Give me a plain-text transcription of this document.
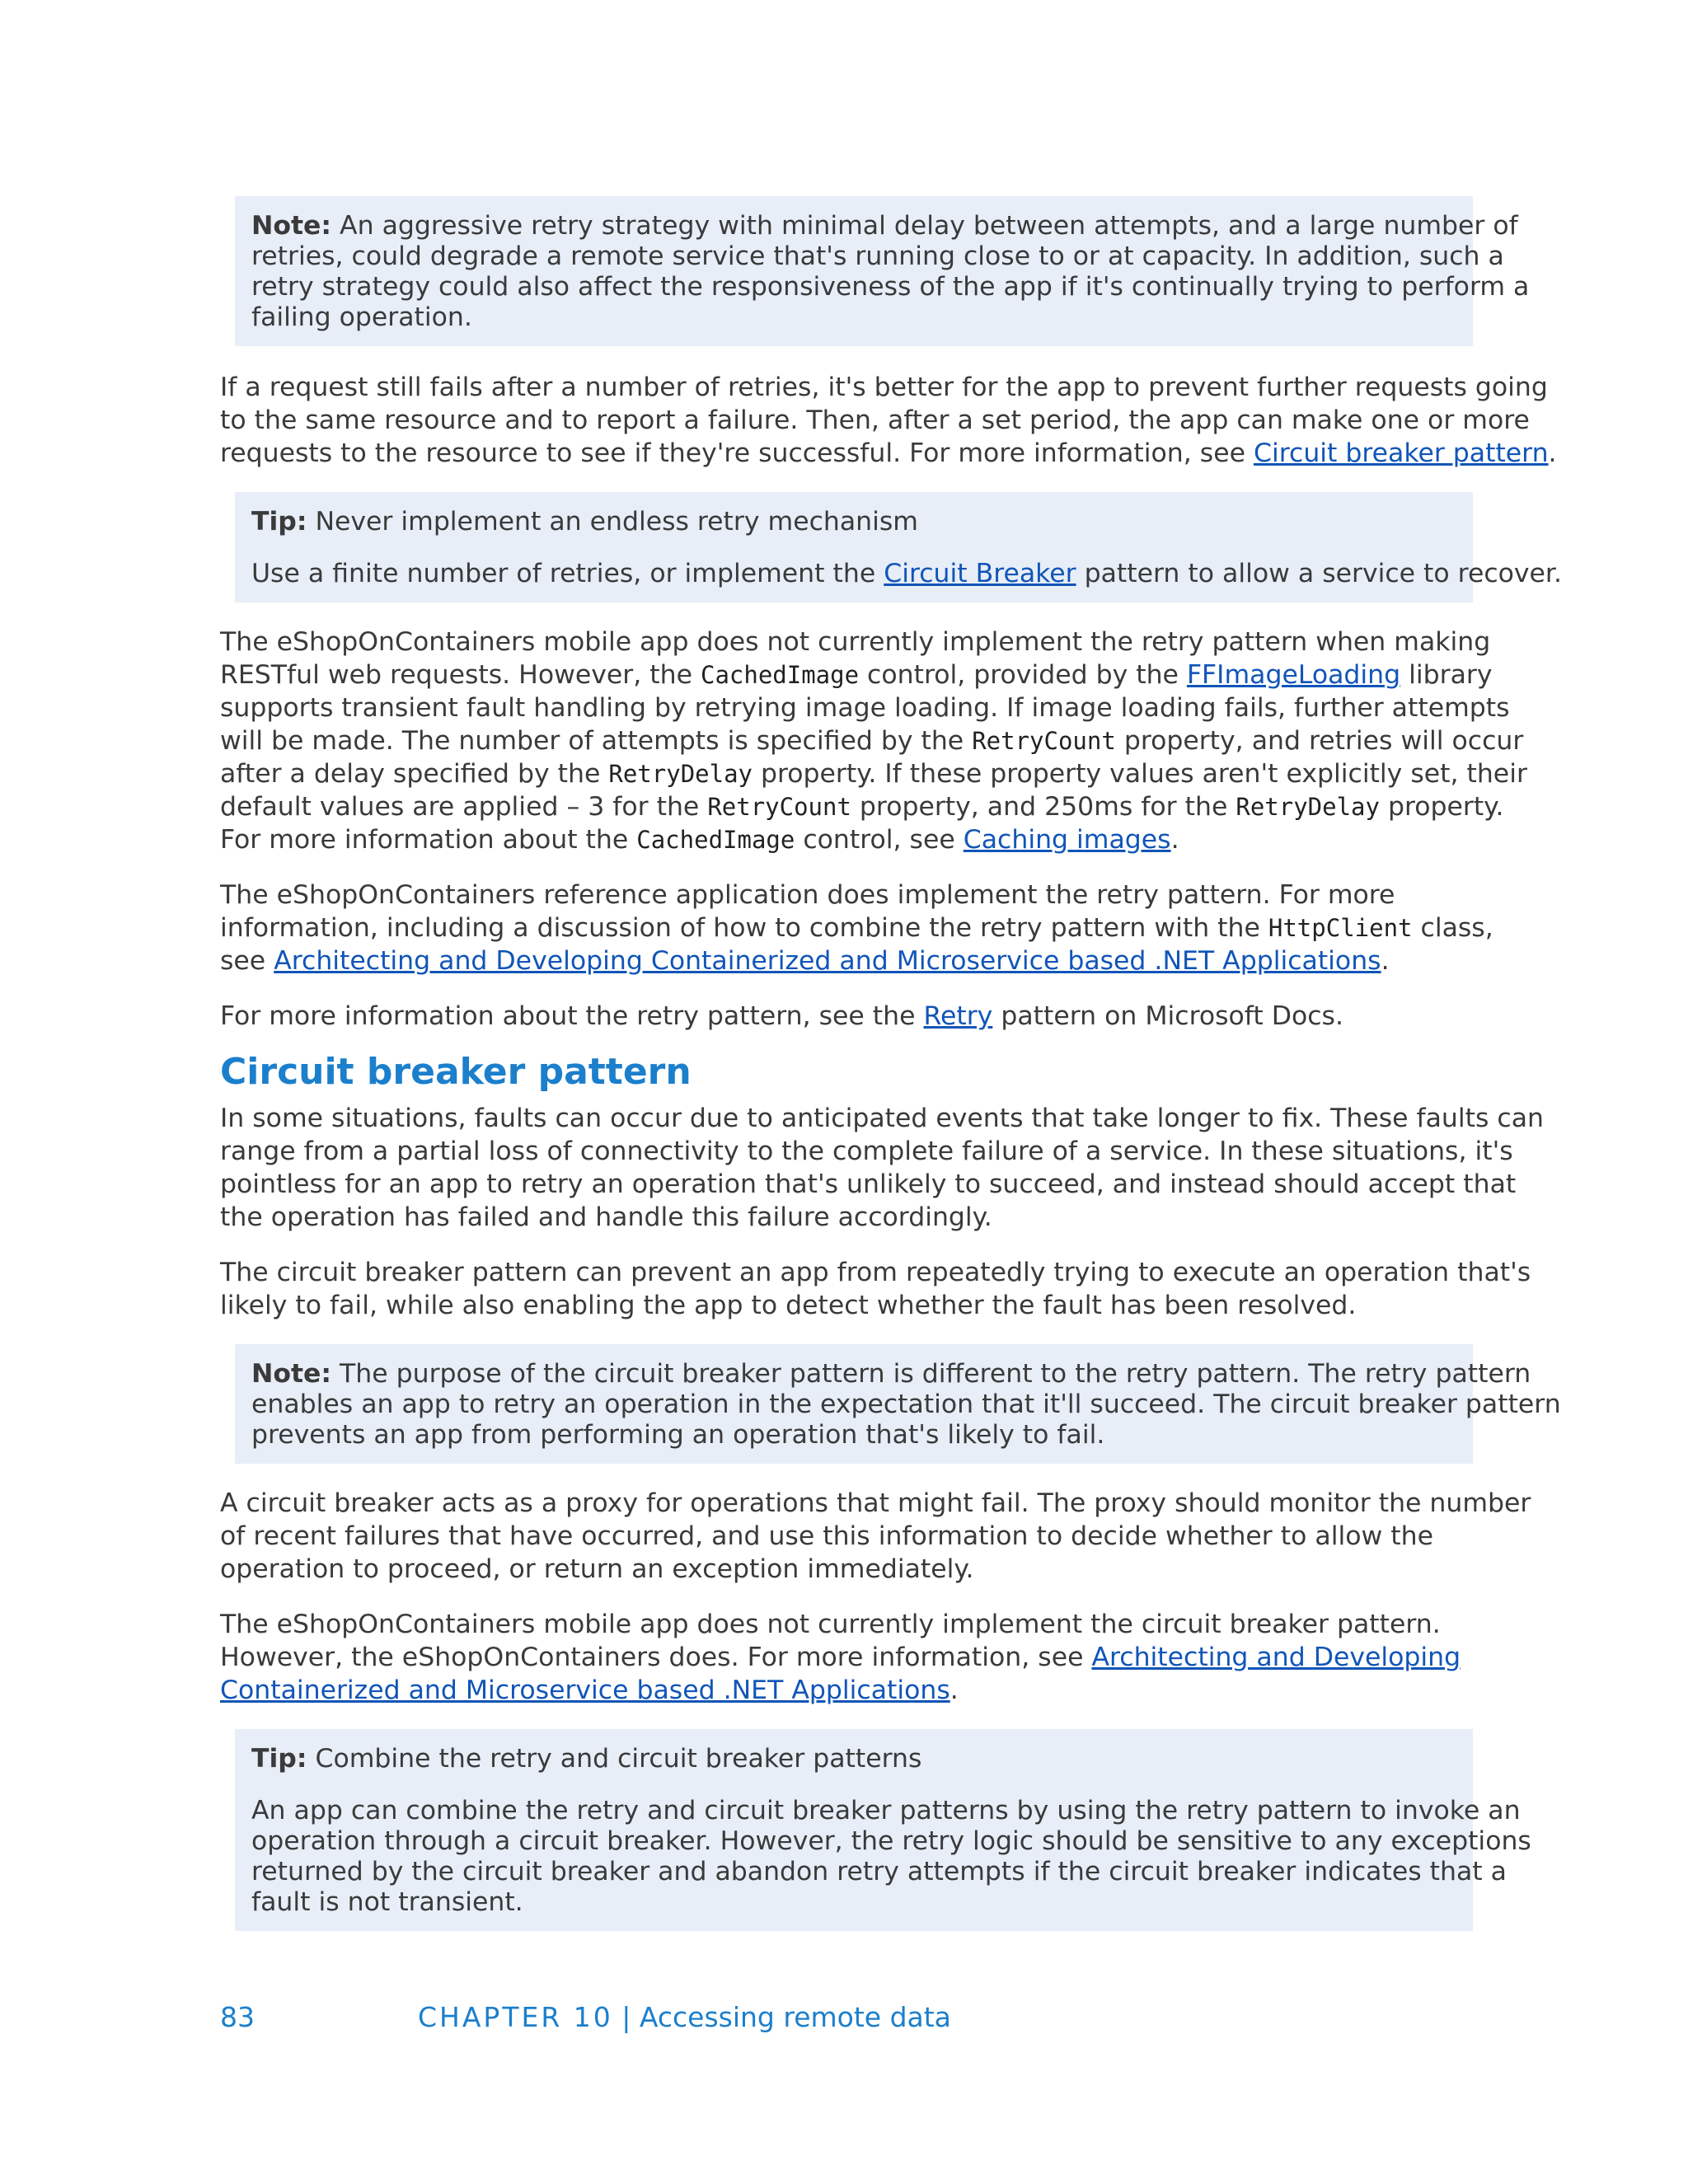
Note: An aggressive retry strategy with minimal delay between attempts, and a large number of
retries, could degrade a remote service that's running close to or at capacity. In addition, such a
retry strategy could also affect the responsiveness of the app if it's continually trying to perform a
failing operation.

If a request still fails after a number of retries, it's better for the app to prevent further requests going
to the same resource and to report a failure. Then, after a set period, the app can make one or more
requests to the resource to see if they're successful. For more information, see Circuit breaker pattern.

Tip: Never implement an endless retry mechanism

Use a finite number of retries, or implement the Circuit Breaker pattern to allow a service to recover.

The eShopOnContainers mobile app does not currently implement the retry pattern when making
RESTful web requests. However, the CachedImage control, provided by the FFImageLoading library
supports transient fault handling by retrying image loading. If image loading fails, further attempts
will be made. The number of attempts is specified by the RetryCount property, and retries will occur
after a delay specified by the RetryDelay property. If these property values aren't explicitly set, their
default values are applied – 3 for the RetryCount property, and 250ms for the RetryDelay property.
For more information about the CachedImage control, see Caching images.

The eShopOnContainers reference application does implement the retry pattern. For more
information, including a discussion of how to combine the retry pattern with the HttpClient class,
see Architecting and Developing Containerized and Microservice based .NET Applications.

For more information about the retry pattern, see the Retry pattern on Microsoft Docs.

Circuit breaker pattern

In some situations, faults can occur due to anticipated events that take longer to fix. These faults can
range from a partial loss of connectivity to the complete failure of a service. In these situations, it's
pointless for an app to retry an operation that's unlikely to succeed, and instead should accept that
the operation has failed and handle this failure accordingly.

The circuit breaker pattern can prevent an app from repeatedly trying to execute an operation that's
likely to fail, while also enabling the app to detect whether the fault has been resolved.

Note: The purpose of the circuit breaker pattern is different to the retry pattern. The retry pattern
enables an app to retry an operation in the expectation that it'll succeed. The circuit breaker pattern
prevents an app from performing an operation that's likely to fail.

A circuit breaker acts as a proxy for operations that might fail. The proxy should monitor the number
of recent failures that have occurred, and use this information to decide whether to allow the
operation to proceed, or return an exception immediately.

The eShopOnContainers mobile app does not currently implement the circuit breaker pattern.
However, the eShopOnContainers does. For more information, see Architecting and Developing
Containerized and Microservice based .NET Applications.

Tip: Combine the retry and circuit breaker patterns

An app can combine the retry and circuit breaker patterns by using the retry pattern to invoke an
operation through a circuit breaker. However, the retry logic should be sensitive to any exceptions
returned by the circuit breaker and abandon retry attempts if the circuit breaker indicates that a
fault is not transient.

83	CHAPTER 10 | Accessing remote data
